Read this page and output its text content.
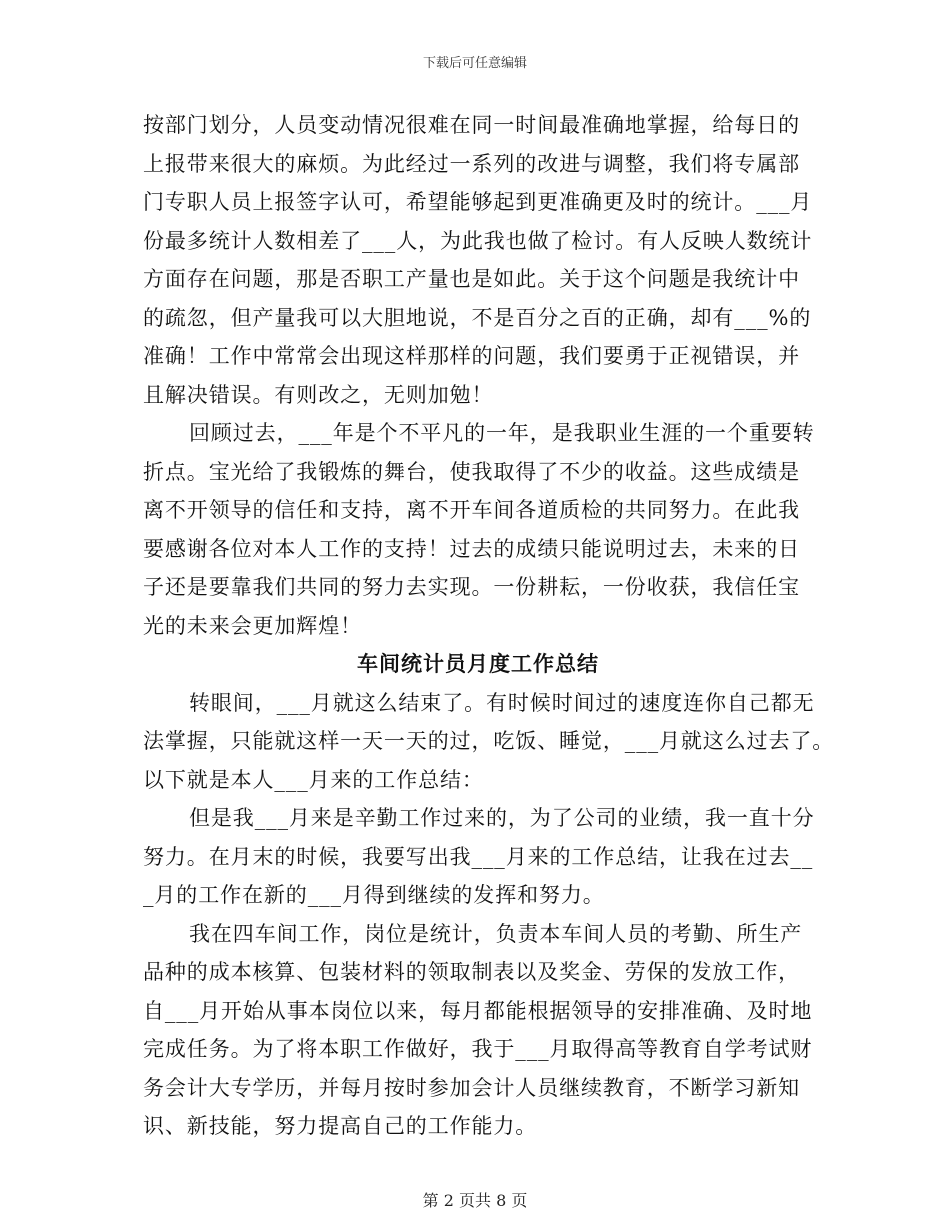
下载后可任意编辑
按部门划分，人员变动情况很难在同一时间最准确地掌握，给每日的
上报带来很大的麻烦。为此经过一系列的改进与调整，我们将专属部
门专职人员上报签字认可，希望能够起到更准确更及时的统计。___月
份最多统计人数相差了___人，为此我也做了检讨。有人反映人数统计
方面存在问题，那是否职工产量也是如此。关于这个问题是我统计中
的疏忽，但产量我可以大胆地说，不是百分之百的正确，却有___%的
准确！工作中常常会出现这样那样的问题，我们要勇于正视错误，并
且解决错误。有则改之，无则加勉！
回顾过去，___年是个不平凡的一年，是我职业生涯的一个重要转
折点。宝光给了我锻炼的舞台，使我取得了不少的收益。这些成绩是
离不开领导的信任和支持，离不开车间各道质检的共同努力。在此我
要感谢各位对本人工作的支持！过去的成绩只能说明过去，未来的日
子还是要靠我们共同的努力去实现。一份耕耘，一份收获，我信任宝
光的未来会更加辉煌！
车间统计员月度工作总结
转眼间，___月就这么结束了。有时候时间过的速度连你自己都无
法掌握，只能就这样一天一天的过，吃饭、睡觉，___月就这么过去了。
以下就是本人___月来的工作总结：
但是我___月来是辛勤工作过来的，为了公司的业绩，我一直十分
努力。在月末的时候，我要写出我___月来的工作总结，让我在过去__
_月的工作在新的___月得到继续的发挥和努力。
我在四车间工作，岗位是统计，负责本车间人员的考勤、所生产
品种的成本核算、包装材料的领取制表以及奖金、劳保的发放工作，
自___月开始从事本岗位以来，每月都能根据领导的安排准确、及时地
完成任务。为了将本职工作做好，我于___月取得高等教育自学考试财
务会计大专学历，并每月按时参加会计人员继续教育，不断学习新知
识、新技能，努力提高自己的工作能力。
第 2 页共 8 页
